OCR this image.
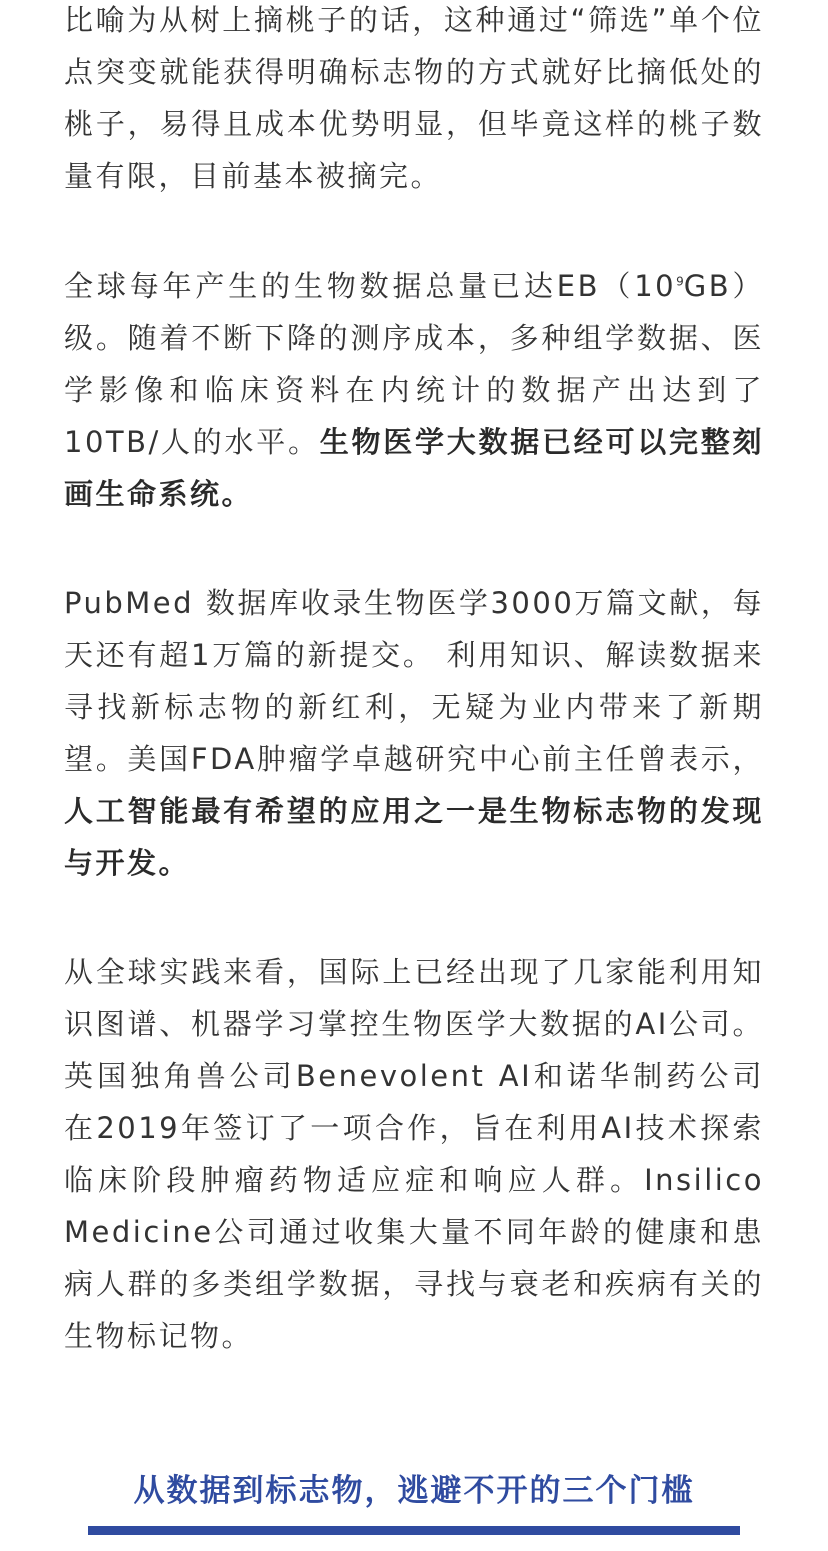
比喻为从树上摘桃子的话，这种通过“筛选”单个位点突变就能获得明确标志物的方式就好比摘低处的桃子，易得且成本优势明显，但毕竟这样的桃子数量有限，目前基本被摘完。

全球每年产生的生物数据总量已达$EB(10^9GB)$级。随着不断下降的测序成本，多种组学数据、医学影像和临床资料在内统计的数据产出达到了10TB/人的水平。生物医学大数据已经可以完整刻画生命系统。

PubMed 数据库收录生物医学3000万篇文献，每天还有超1万篇的新提交。 利用知识、解读数据来寻找新标志物的新红利，无疑为业内带来了新期望。美国FDA肿瘤学卓越研究中心前主任曾表示，人工智能最有希望的应用之一是生物标志物的发现与开发。

从全球实践来看，国际上已经出现了几家能利用知识图谱、机器学习掌控生物医学大数据的AI公司。英国独角兽公司Benevolent AI和诺华制药公司在2019年签订了一项合作，旨在利用AI技术探索临床阶段肿瘤药物适应症和响应人群。Insilico Medicine公司通过收集大量不同年龄的健康和患病人群的多类组学数据，寻找与衰老和疾病有关的生物标记物。

从数据到标志物，逃避不开的三个门槛
